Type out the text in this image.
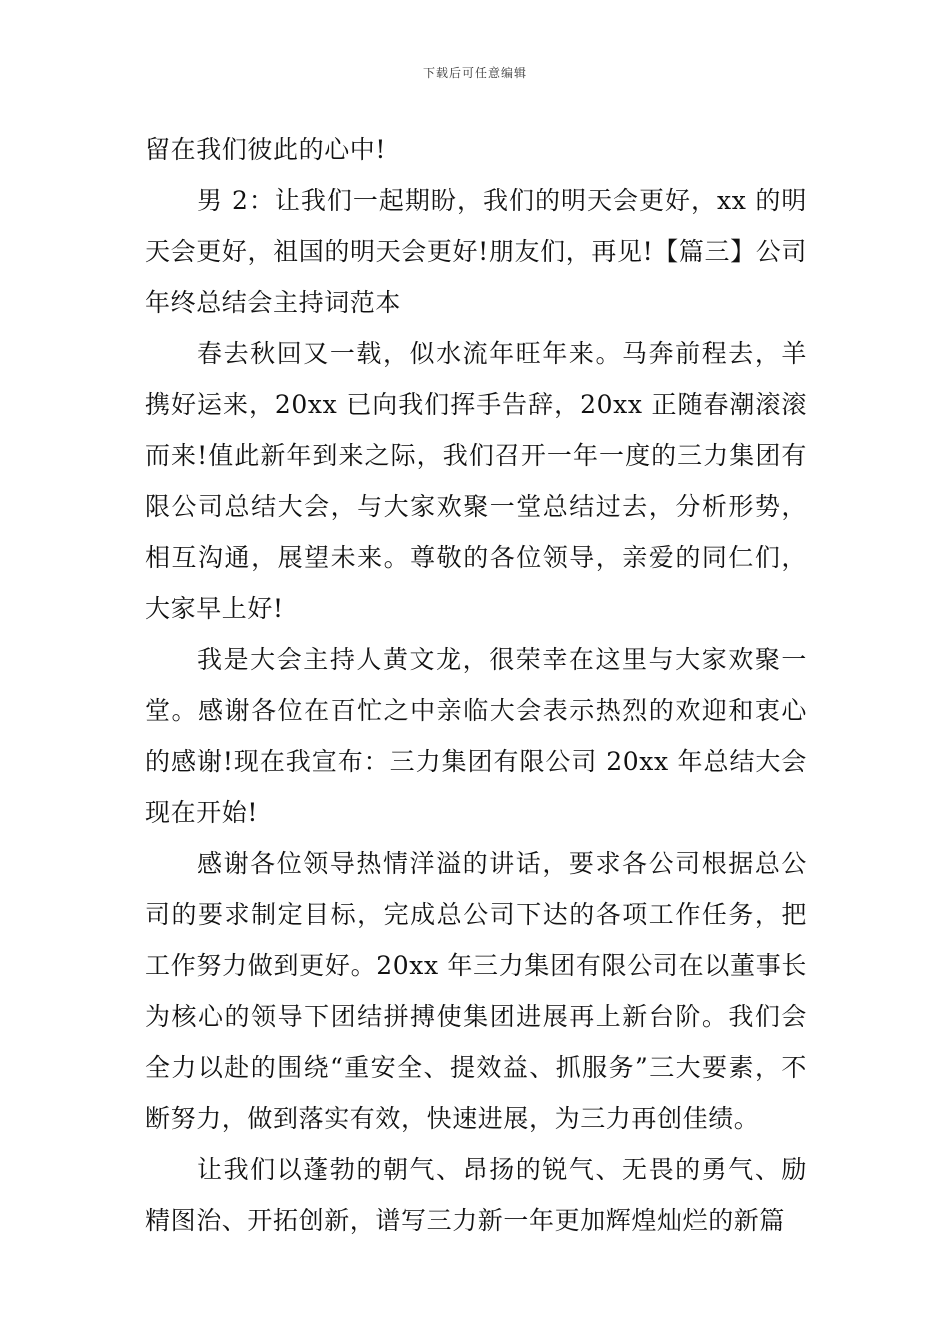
下载后可任意编辑

留在我们彼此的心中!

男 2：让我们一起期盼，我们的明天会更好，xx 的明天会更好，祖国的明天会更好!朋友们，再见!【篇三】公司年终总结会主持词范本

春去秋回又一载，似水流年旺年来。马奔前程去，羊携好运来，20xx 已向我们挥手告辞，20xx 正随春潮滚滚而来!值此新年到来之际，我们召开一年一度的三力集团有限公司总结大会，与大家欢聚一堂总结过去，分析形势，相互沟通，展望未来。尊敬的各位领导，亲爱的同仁们，大家早上好!

我是大会主持人黄文龙，很荣幸在这里与大家欢聚一堂。感谢各位在百忙之中亲临大会表示热烈的欢迎和衷心的感谢!现在我宣布：三力集团有限公司 20xx 年总结大会现在开始!

感谢各位领导热情洋溢的讲话，要求各公司根据总公司的要求制定目标，完成总公司下达的各项工作任务，把工作努力做到更好。20xx 年三力集团有限公司在以董事长为核心的领导下团结拼搏使集团进展再上新台阶。我们会全力以赴的围绕“重安全、提效益、抓服务”三大要素，不断努力，做到落实有效，快速进展，为三力再创佳绩。

让我们以蓬勃的朝气、昂扬的锐气、无畏的勇气、励精图治、开拓创新，谱写三力新一年更加辉煌灿烂的新篇
